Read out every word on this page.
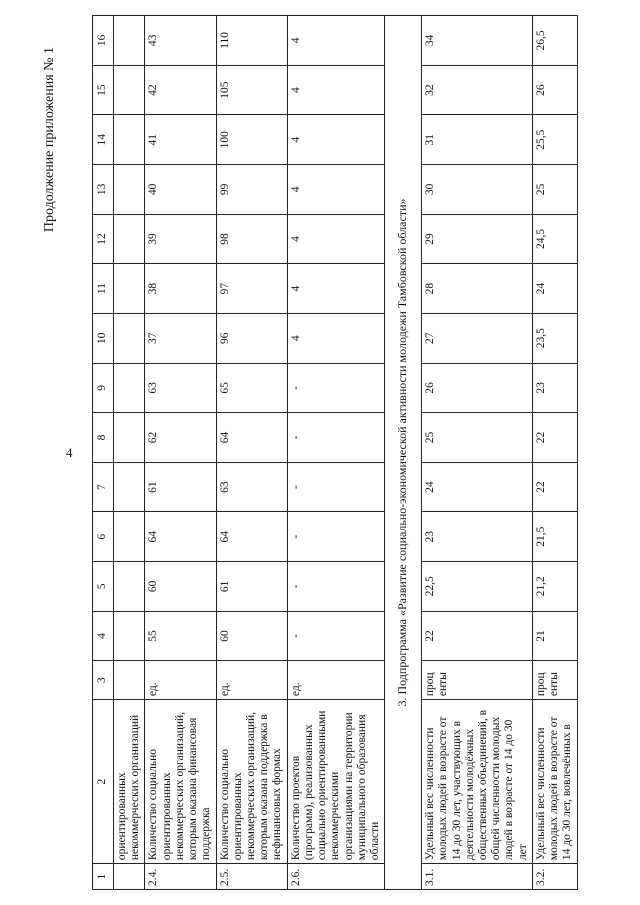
4
Продолжение приложения № 1
1	2	3	4	5	6	7	8	9	10	11	12	13	14	15	16
	ориентированных некоммерческих организаций														
2.4.	Количество социально ориентированных некоммерческих организаций, которым оказана финансовая поддержка	ед.	55	60	64	61	62	63	37	38	39	40	41	42	43
2.5.	Количество социально ориентированных некоммерческих организаций, которым оказана поддержка в нефинансовых формах	ед.	60	61	64	63	64	65	96	97	98	99	100	105	110
2.6.	Количество проектов (программ), реализованных социально ориентированными некоммерческими организациями на территории муниципального образования области	ед.	-	-	-	-	-	-	4	4	4	4	4	4	4
3. Подпрограмма «Развитие социально-экономической активности молодежи Тамбовской области»															
3.1.	Удельный вес численности молодых людей в возрасте от 14 до 30 лет, участвующих в деятельности молодёжных общественных объединений, в общей численности молодых людей в возрасте от 14 до 30 лет	проц енты	22	22,5	23	24	25	26	27	28	29	30	31	32	34
3.2.	Удельный вес численности молодых людей в возрасте от 14 до 30 лет, вовлечённых в	проц енты	21	21,2	21,5	22	22	23	23,5	24	24,5	25	25,5	26	26,5
